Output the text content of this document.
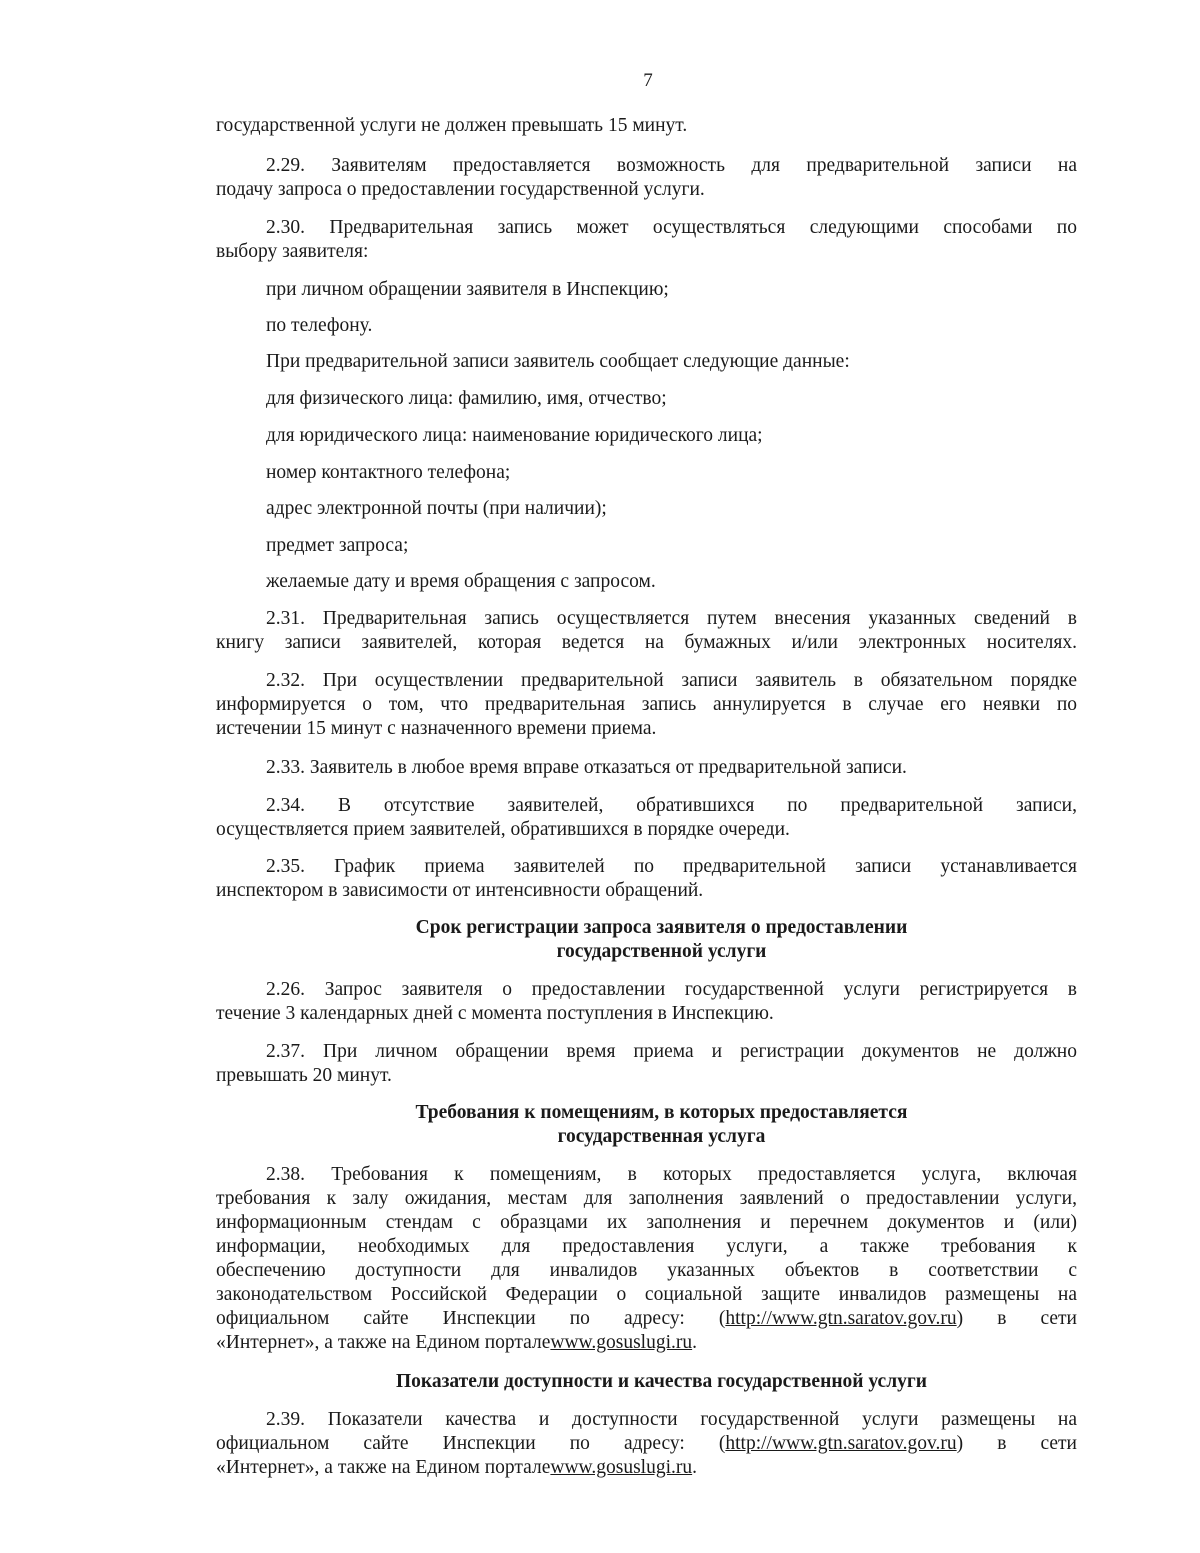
7
государственной услуги не должен превышать 15 минут.
2.29. Заявителям предоставляется возможность для предварительной записи на
подачу запроса о предоставлении государственной услуги.
2.30. Предварительная запись может осуществляться следующими способами по
выбору заявителя:
при личном обращении заявителя в Инспекцию;
по телефону.
При предварительной записи заявитель сообщает следующие данные:
для физического лица: фамилию, имя, отчество;
для юридического лица: наименование юридического лица;
номер контактного телефона;
адрес электронной почты (при наличии);
предмет запроса;
желаемые дату и время обращения с запросом.
2.31. Предварительная запись осуществляется путем внесения указанных сведений в
книгу записи заявителей, которая ведется на бумажных и/или электронных носителях.
2.32. При осуществлении предварительной записи заявитель в обязательном порядке
информируется о том, что предварительная запись аннулируется в случае его неявки по
истечении 15 минут с назначенного времени приема.
2.33. Заявитель в любое время вправе отказаться от предварительной записи.
2.34. В отсутствие заявителей, обратившихся по предварительной записи,
осуществляется прием заявителей, обратившихся в порядке очереди.
2.35. График приема заявителей по предварительной записи устанавливается
инспектором в зависимости от интенсивности обращений.
Срок регистрации запроса заявителя о предоставлении
государственной услуги
2.26. Запрос заявителя о предоставлении государственной услуги регистрируется в
течение 3 календарных дней с момента поступления в Инспекцию.
2.37. При личном обращении время приема и регистрации документов не должно
превышать 20 минут.
Требования к помещениям, в которых предоставляется
государственная услуга
2.38. Требования к помещениям, в которых предоставляется услуга, включая
требования к залу ожидания, местам для заполнения заявлений о предоставлении услуги,
информационным стендам с образцами их заполнения и перечнем документов и (или)
информации, необходимых для предоставления услуги, а также требования к
обеспечению доступности для инвалидов указанных объектов в соответствии с
законодательством Российской Федерации о социальной защите инвалидов размещены на
официальном сайте Инспекции по адресу: (http://www.gtn.saratov.gov.ru) в сети
«Интернет», а также на Едином порталеwww.gosuslugi.ru.
Показатели доступности и качества государственной услуги
2.39. Показатели качества и доступности государственной услуги размещены на
официальном сайте Инспекции по адресу: (http://www.gtn.saratov.gov.ru) в сети
«Интернет», а также на Едином порталеwww.gosuslugi.ru.
